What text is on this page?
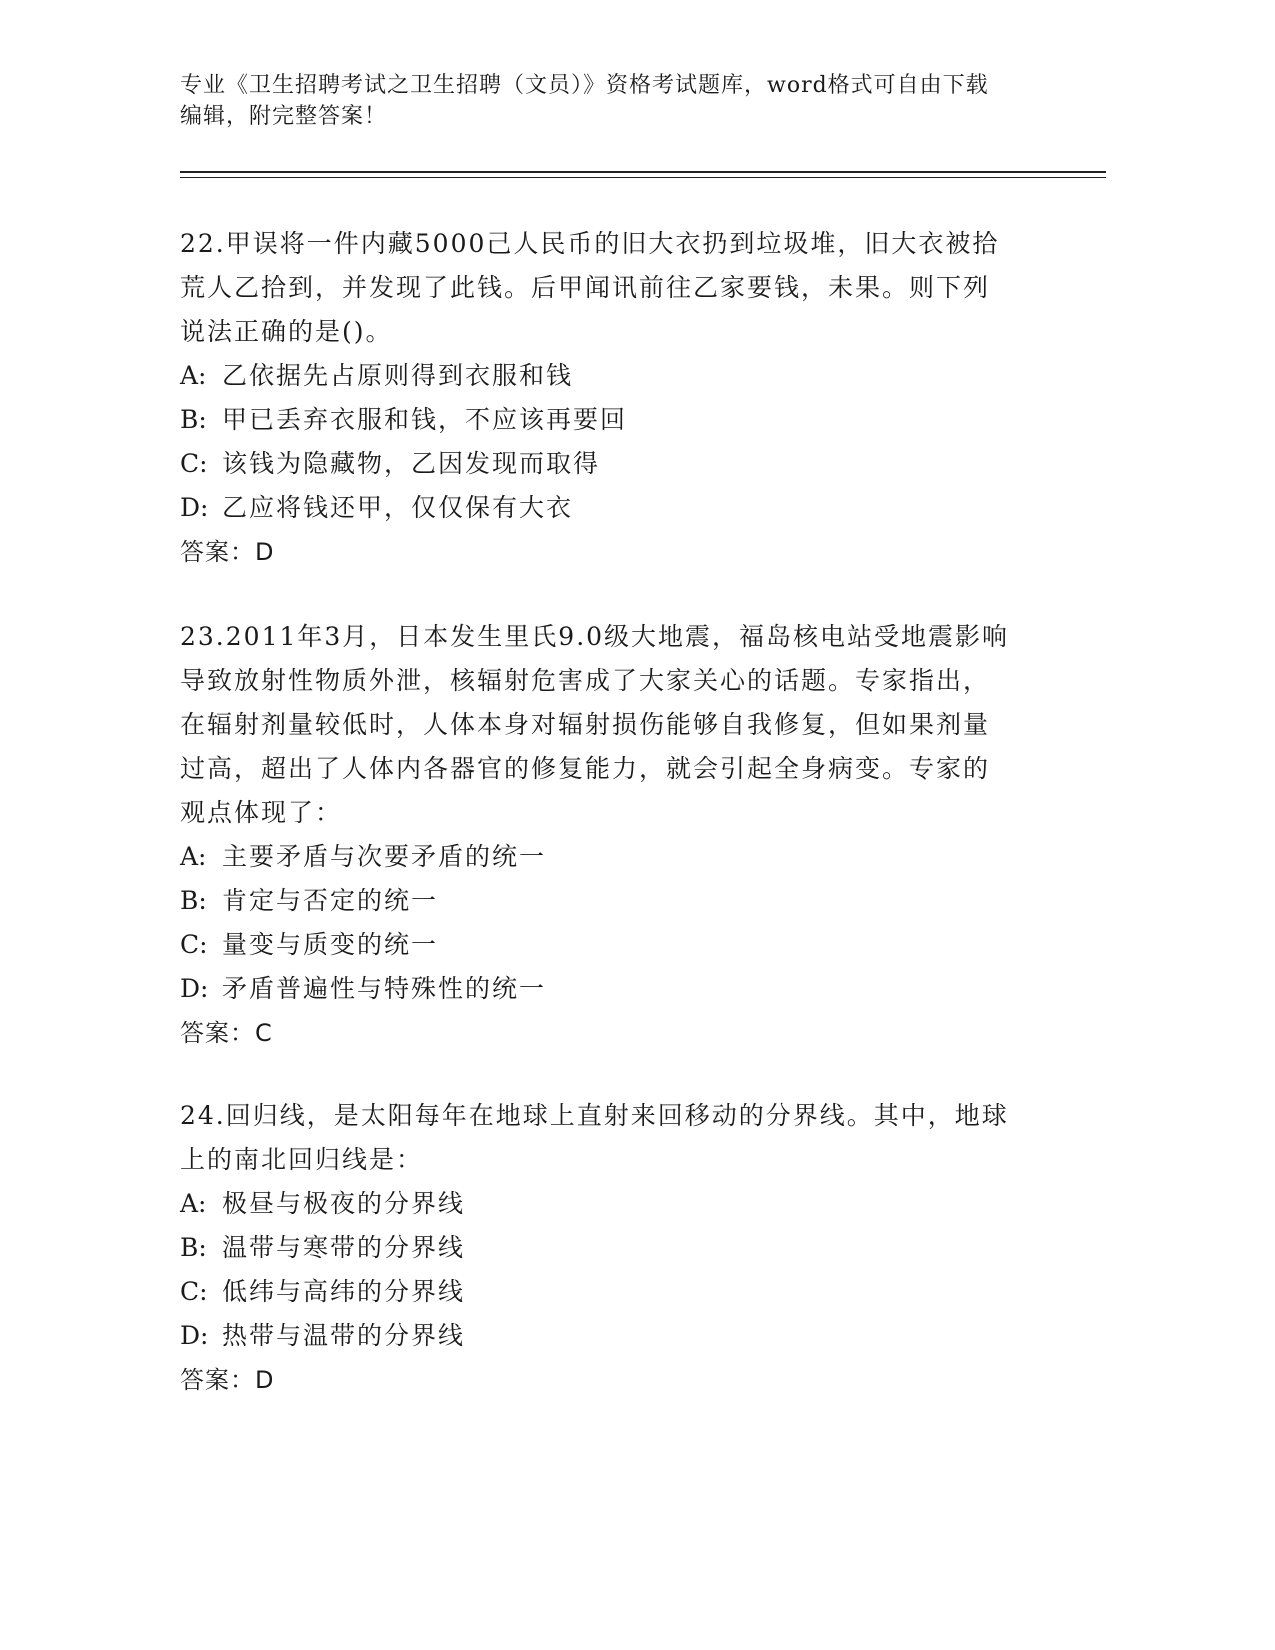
专业《卫生招聘考试之卫生招聘（文员）》资格考试题库，word格式可自由下载
编辑，附完整答案！
22.甲误将一件内藏5000己人民币的旧大衣扔到垃圾堆，旧大衣被拾
荒人乙拾到，并发现了此钱。后甲闻讯前往乙家要钱，未果。则下列
说法正确的是()。
A: 乙依据先占原则得到衣服和钱
B: 甲已丢弃衣服和钱，不应该再要回
C: 该钱为隐藏物，乙因发现而取得
D: 乙应将钱还甲，仅仅保有大衣
答案：D
23.2011年3月，日本发生里氏9.0级大地震，福岛核电站受地震影响
导致放射性物质外泄，核辐射危害成了大家关心的话题。专家指出，
在辐射剂量较低时，人体本身对辐射损伤能够自我修复，但如果剂量
过高，超出了人体内各器官的修复能力，就会引起全身病变。专家的
观点体现了：
A: 主要矛盾与次要矛盾的统一
B: 肯定与否定的统一
C: 量变与质变的统一
D: 矛盾普遍性与特殊性的统一
答案：C
24.回归线，是太阳每年在地球上直射来回移动的分界线。其中，地球
上的南北回归线是：
A: 极昼与极夜的分界线
B: 温带与寒带的分界线
C: 低纬与高纬的分界线
D: 热带与温带的分界线
答案：D
